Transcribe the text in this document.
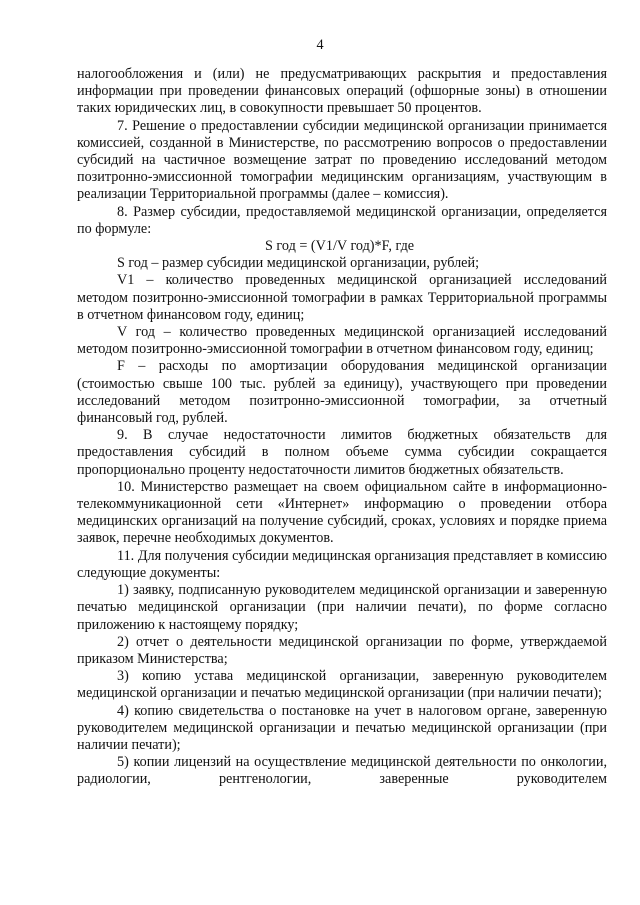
4

налогообложения и (или) не предусматривающих раскрытия и предоставления информации при проведении финансовых операций (офшорные зоны) в отношении таких юридических лиц, в совокупности превышает 50 процентов.

7. Решение о предоставлении субсидии медицинской организации принимается комиссией, созданной в Министерстве, по рассмотрению вопросов о предоставлении субсидий на частичное возмещение затрат по проведению исследований методом позитронно-эмиссионной томографии медицинским организациям, участвующим в реализации Территориальной программы (далее – комиссия).

8. Размер субсидии, предоставляемой медицинской организации, определяется по формуле:

S год = (V1/V год)*F, где

S год – размер субсидии медицинской организации, рублей;

V1 – количество проведенных медицинской организацией исследований методом позитронно-эмиссионной томографии в рамках Территориальной программы в отчетном финансовом году, единиц;

V год – количество проведенных медицинской организацией исследований методом позитронно-эмиссионной томографии в отчетном финансовом году, единиц;

F – расходы по амортизации оборудования медицинской организации (стоимостью свыше 100 тыс. рублей за единицу), участвующего при проведении исследований методом позитронно-эмиссионной томографии, за отчетный финансовый год, рублей.

9. В случае недостаточности лимитов бюджетных обязательств для предоставления субсидий в полном объеме сумма субсидии сокращается пропорционально проценту недостаточности лимитов бюджетных обязательств.

10. Министерство размещает на своем официальном сайте в информационно-телекоммуникационной сети «Интернет» информацию о проведении отбора медицинских организаций на получение субсидий, сроках, условиях и порядке приема заявок, перечне необходимых документов.

11. Для получения субсидии медицинская организация представляет в комиссию следующие документы:

1) заявку, подписанную руководителем медицинской организации и заверенную печатью медицинской организации (при наличии печати), по форме согласно приложению к настоящему порядку;

2) отчет о деятельности медицинской организации по форме, утверждаемой приказом Министерства;

3) копию устава медицинской организации, заверенную руководителем медицинской организации и печатью медицинской организации (при наличии печати);

4) копию свидетельства о постановке на учет в налоговом органе, заверенную руководителем медицинской организации и печатью медицинской организации (при наличии печати);

5) копии лицензий на осуществление медицинской деятельности по онкологии, радиологии, рентгенологии, заверенные руководителем
